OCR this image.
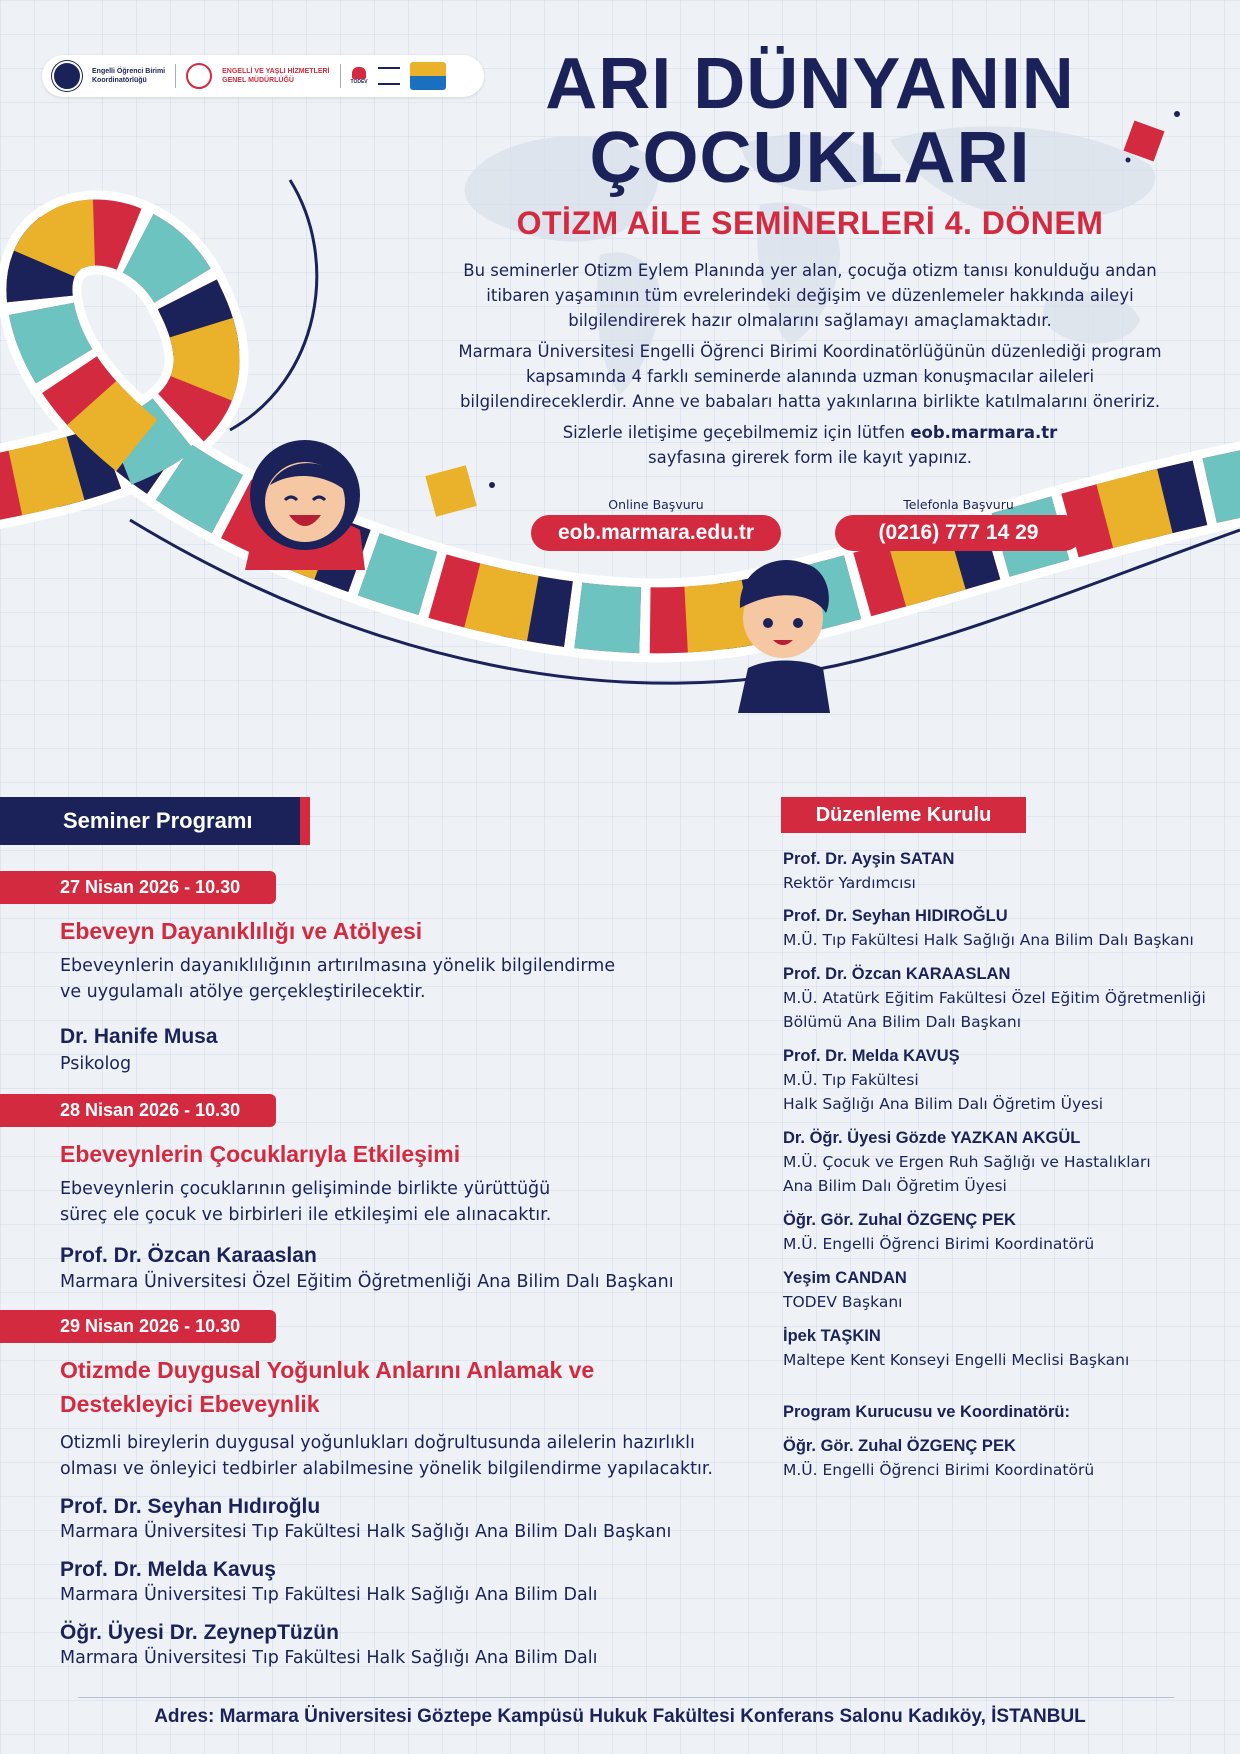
Engelli Öğrenci Birimi
Koordinatörlüğü
ENGELLİ VE YAŞLI HİZMETLERİ
GENEL MÜDÜRLÜĞÜ	TODEV	ARI DÜNYANIN
ÇOCUKLARI
OTİZM AİLE SEMİNERLERİ 4. DÖNEM

Bu seminerler Otizm Eylem Planında yer alan, çocuğa otizm tanısı konulduğu andan itibaren yaşamının tüm evrelerindeki değişim ve düzenlemeler hakkında aileyi bilgilendirerek hazır olmalarını sağlamayı amaçlamaktadır.

Marmara Üniversitesi Engelli Öğrenci Birimi Koordinatörlüğünün düzenlediği program kapsamında 4 farklı seminerde alanında uzman konuşmacılar aileleri bilgilendireceklerdir. Anne ve babaları hatta yakınlarına birlikte katılmalarını öneririz.

Sizlerle iletişime geçebilmemiz için lütfen eob.marmara.tr sayfasına girerek form ile kayıt yapınız.

Online Başvuru
eob.marmara.edu.tr
Telefonla Başvuru
(0216) 777 14 29
Seminer Programı
27 Nisan 2026 - 10.30
Ebeveyn Dayanıklılığı ve Atölyesi
Ebeveynlerin dayanıklılığının artırılmasına yönelik bilgilendirme
ve uygulamalı atölye gerçekleştirilecektir.
Dr. Hanife Musa
Psikolog
28 Nisan 2026 - 10.30
Ebeveynlerin Çocuklarıyla Etkileşimi
Ebeveynlerin çocuklarının gelişiminde birlikte yürüttüğü
süreç ele çocuk ve birbirleri ile etkileşimi ele alınacaktır.
Prof. Dr. Özcan Karaaslan
Marmara Üniversitesi Özel Eğitim Öğretmenliği Ana Bilim Dalı Başkanı
29 Nisan 2026 - 10.30
Otizmde Duygusal Yoğunluk Anlarını Anlamak ve
Destekleyici Ebeveynlik
Otizmli bireylerin duygusal yoğunlukları doğrultusunda ailelerin hazırlıklı
olması ve önleyici tedbirler alabilmesine yönelik bilgilendirme yapılacaktır.
Prof. Dr. Seyhan Hıdıroğlu
Marmara Üniversitesi Tıp Fakültesi Halk Sağlığı Ana Bilim Dalı Başkanı
Prof. Dr. Melda Kavuş
Marmara Üniversitesi Tıp Fakültesi Halk Sağlığı Ana Bilim Dalı
Öğr. Üyesi Dr. ZeynepTüzün
Marmara Üniversitesi Tıp Fakültesi Halk Sağlığı Ana Bilim Dalı
Düzenleme Kurulu
Prof. Dr. Ayşin SATAN
Rektör Yardımcısı
Prof. Dr. Seyhan HIDIROĞLU
M.Ü. Tıp Fakültesi Halk Sağlığı Ana Bilim Dalı Başkanı
Prof. Dr. Özcan KARAASLAN
M.Ü. Atatürk Eğitim Fakültesi Özel Eğitim Öğretmenliği
Bölümü Ana Bilim Dalı Başkanı
Prof. Dr. Melda KAVUŞ
M.Ü. Tıp Fakültesi
Halk Sağlığı Ana Bilim Dalı Öğretim Üyesi
Dr. Öğr. Üyesi Gözde YAZKAN AKGÜL
M.Ü. Çocuk ve Ergen Ruh Sağlığı ve Hastalıkları
Ana Bilim Dalı Öğretim Üyesi
Öğr. Gör. Zuhal ÖZGENÇ PEK
M.Ü. Engelli Öğrenci Birimi Koordinatörü
Yeşim CANDAN
TODEV Başkanı
İpek TAŞKIN
Maltepe Kent Konseyi Engelli Meclisi Başkanı
Program Kurucusu ve Koordinatörü:
Öğr. Gör. Zuhal ÖZGENÇ PEK
M.Ü. Engelli Öğrenci Birimi Koordinatörü
Adres: Marmara Üniversitesi Göztepe Kampüsü Hukuk Fakültesi Konferans Salonu Kadıköy, İSTANBUL
